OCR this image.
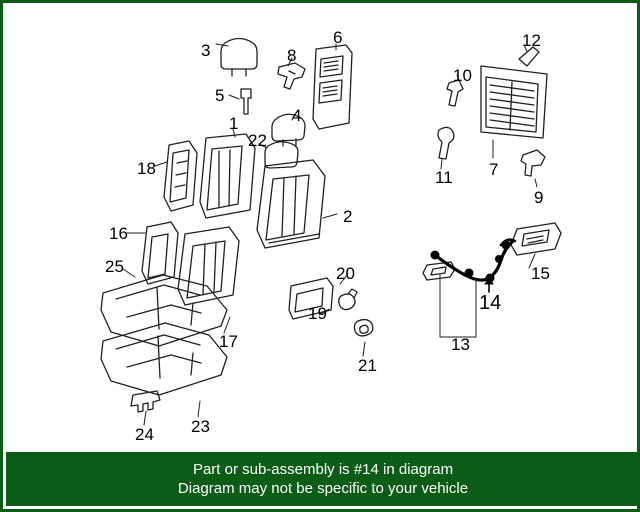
3	8
6	12
5
10
4
1
22
18	11 7
9
2
16
25	20	15
14
19
17	13
21
23
24
Part or sub-assembly is #14 in diagram
Diagram may not be specific to your vehicle
